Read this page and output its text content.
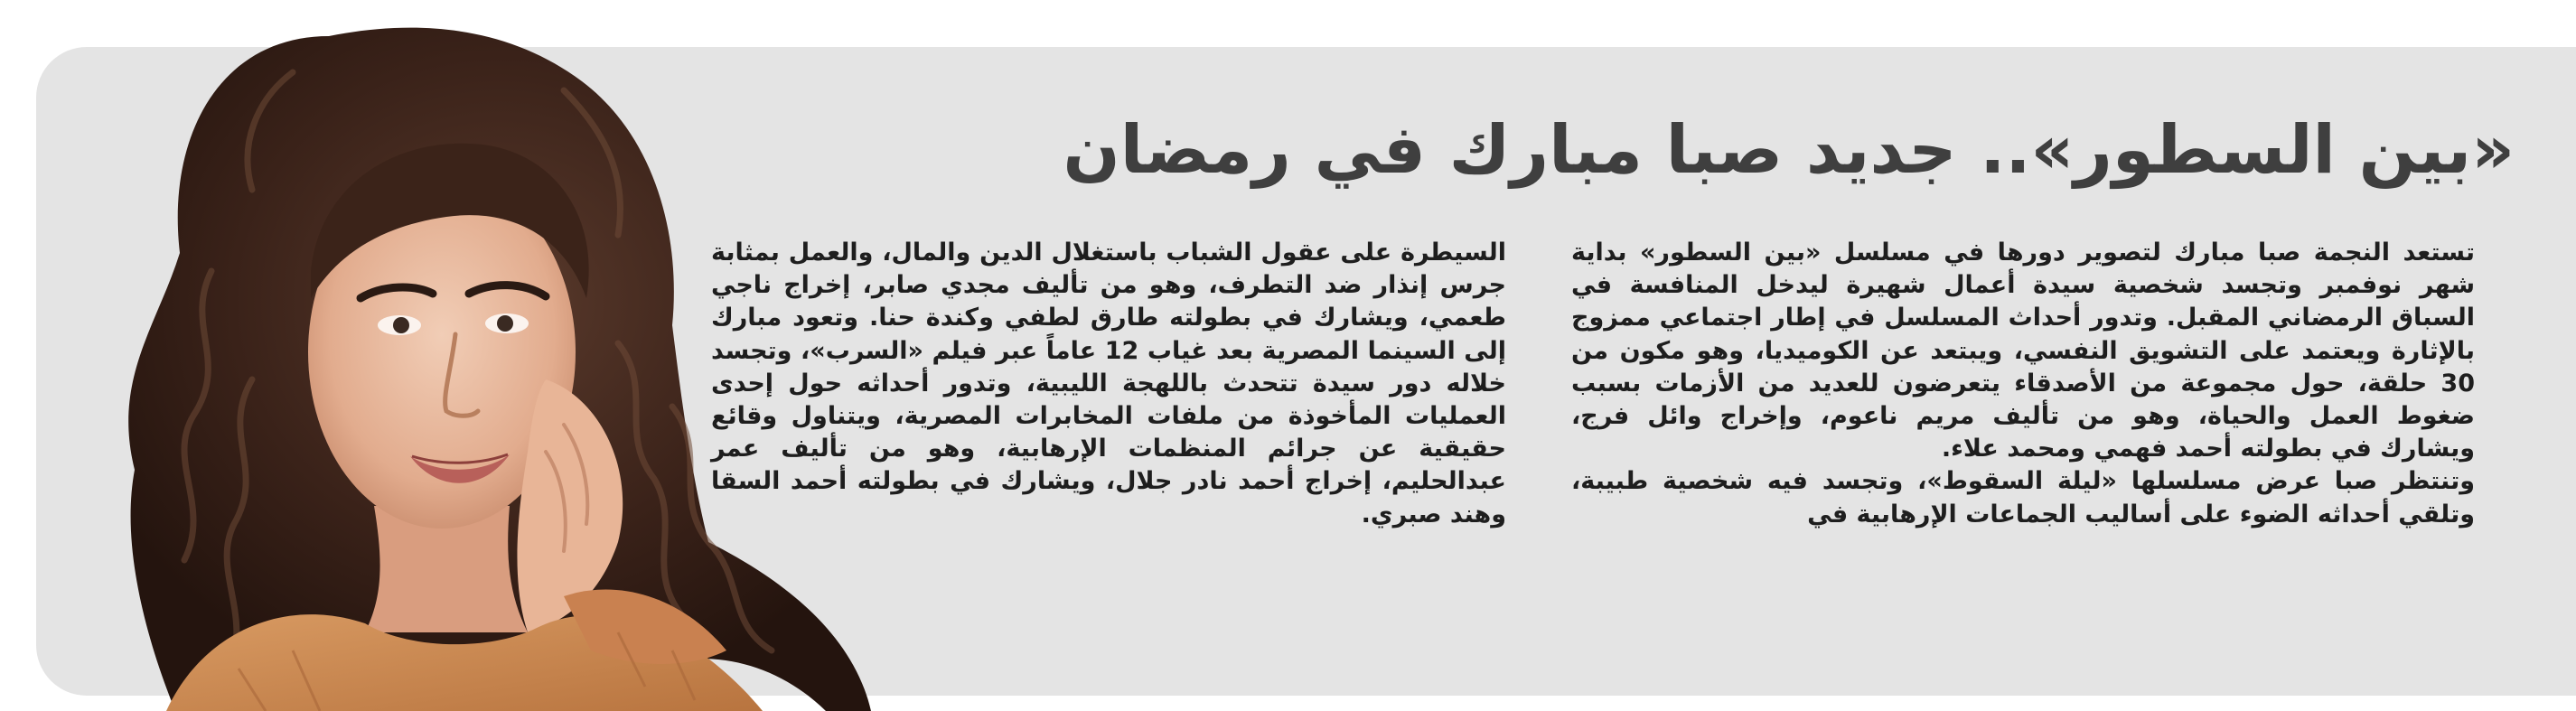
«بين السطور».. جديد صبا مبارك في رمضان

تستعد النجمة صبا مبارك لتصوير دورها في مسلسل «بين السطور» بداية شهر نوفمبر وتجسد شخصية سيدة أعمال شهيرة ليدخل المنافسة في السباق الرمضاني المقبل. وتدور أحداث المسلسل في إطار اجتماعي ممزوج بالإثارة ويعتمد على التشويق النفسي، ويبتعد عن الكوميديا، وهو مكون من 30 حلقة، حول مجموعة من الأصدقاء يتعرضون للعديد من الأزمات بسبب ضغوط العمل والحياة، وهو من تأليف مريم ناعوم، وإخراج وائل فرج، ويشارك في بطولته أحمد فهمي ومحمد علاء.

وتنتظر صبا عرض مسلسلها «ليلة السقوط»، وتجسد فيه شخصية طبيبة، وتلقي أحداثه الضوء على أساليب الجماعات الإرهابية في

السيطرة على عقول الشباب باستغلال الدين والمال، والعمل بمثابة جرس إنذار ضد التطرف، وهو من تأليف مجدي صابر، إخراج ناجي طعمي، ويشارك في بطولته طارق لطفي وكندة حنا. وتعود مبارك إلى السينما المصرية بعد غياب 12 عاماً عبر فيلم «السرب»، وتجسد خلاله دور سيدة تتحدث باللهجة الليبية، وتدور أحداثه حول إحدى العمليات المأخوذة من ملفات المخابرات المصرية، ويتناول وقائع حقيقية عن جرائم المنظمات الإرهابية، وهو من تأليف عمر عبدالحليم، إخراج أحمد نادر جلال، ويشارك في بطولته أحمد السقا وهند صبري.
